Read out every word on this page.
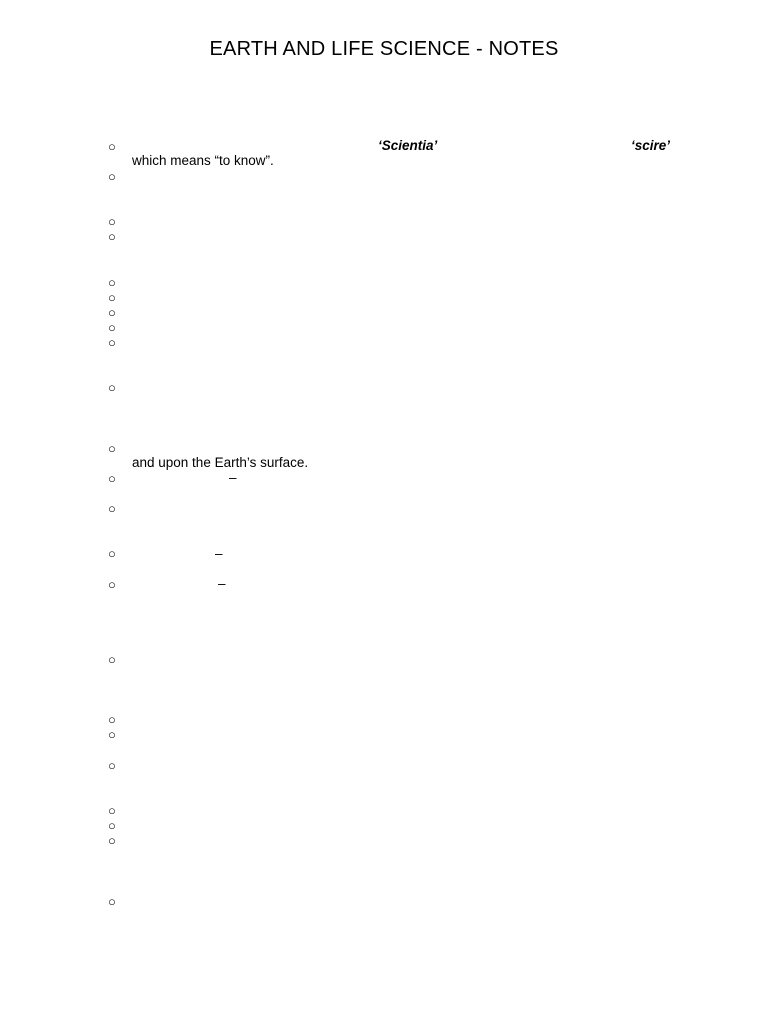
EARTH AND LIFE SCIENCE - NOTES
○
○
○
○
○
○
○
○
○
○
○
○
○
○
○
○
○
○
○
○
○
○
○
‘Scientia’	‘scire’
which means “to know”.
and upon the Earth’s surface.
–
–
–
